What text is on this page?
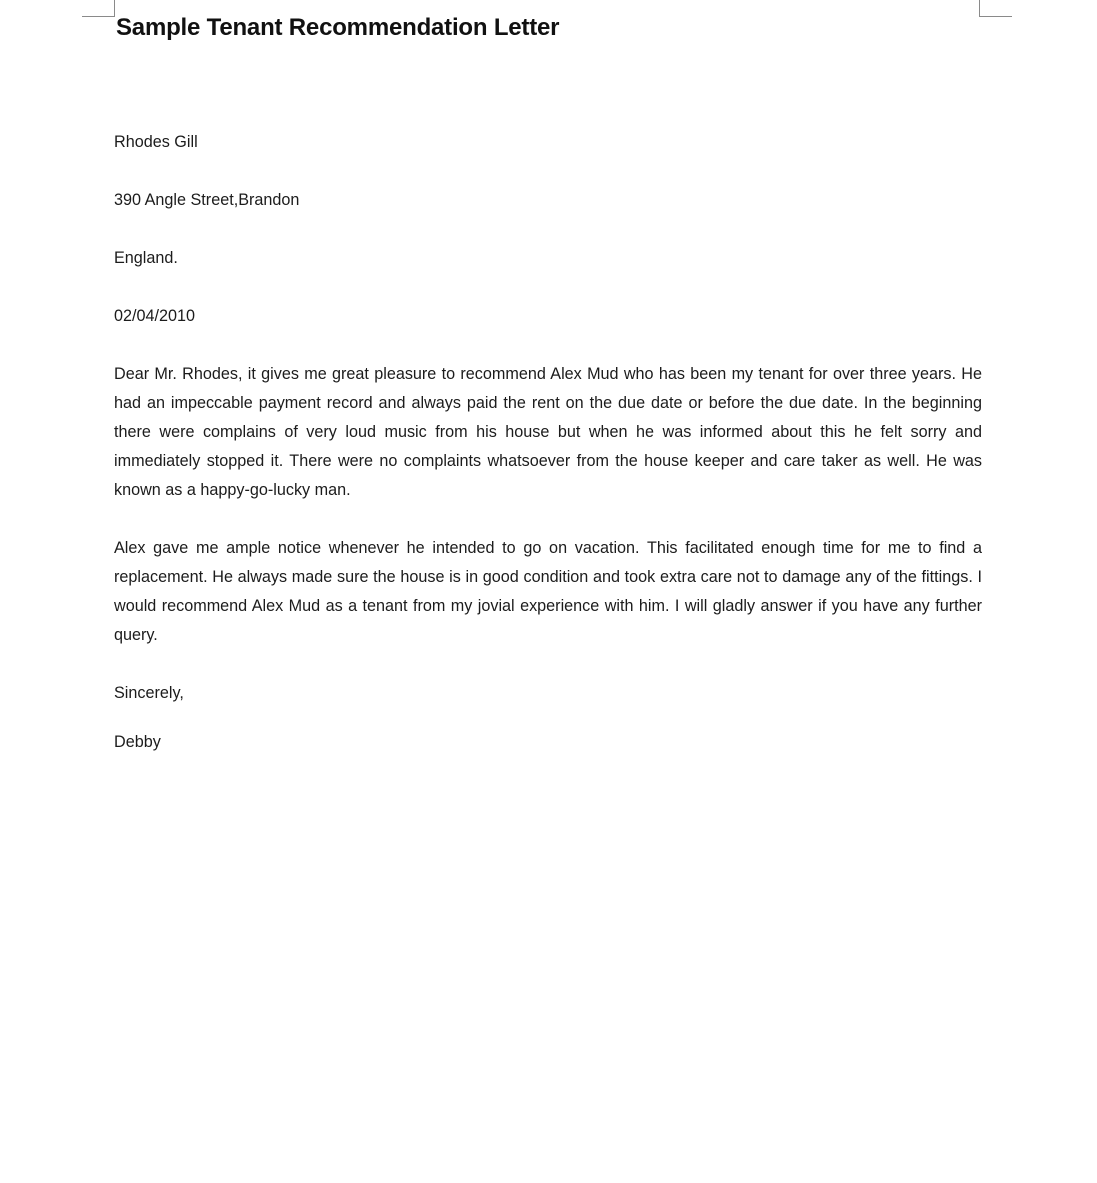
Sample Tenant Recommendation Letter

Rhodes Gill

390 Angle Street,Brandon

England.

02/04/2010

Dear Mr. Rhodes, it gives me great pleasure to recommend Alex Mud who has been my tenant for over three years. He had an impeccable payment record and always paid the rent on the due date or before the due date. In the beginning there were complains of very loud music from his house but when he was informed about this he felt sorry and immediately stopped it. There were no complaints whatsoever from the house keeper and care taker as well. He was known as a happy-go-lucky man.

Alex gave me ample notice whenever he intended to go on vacation. This facilitated enough time for me to find a replacement. He always made sure the house is in good condition and took extra care not to damage any of the fittings. I would recommend Alex Mud as a tenant from my jovial experience with him. I will gladly answer if you have any further query.

Sincerely,

Debby
